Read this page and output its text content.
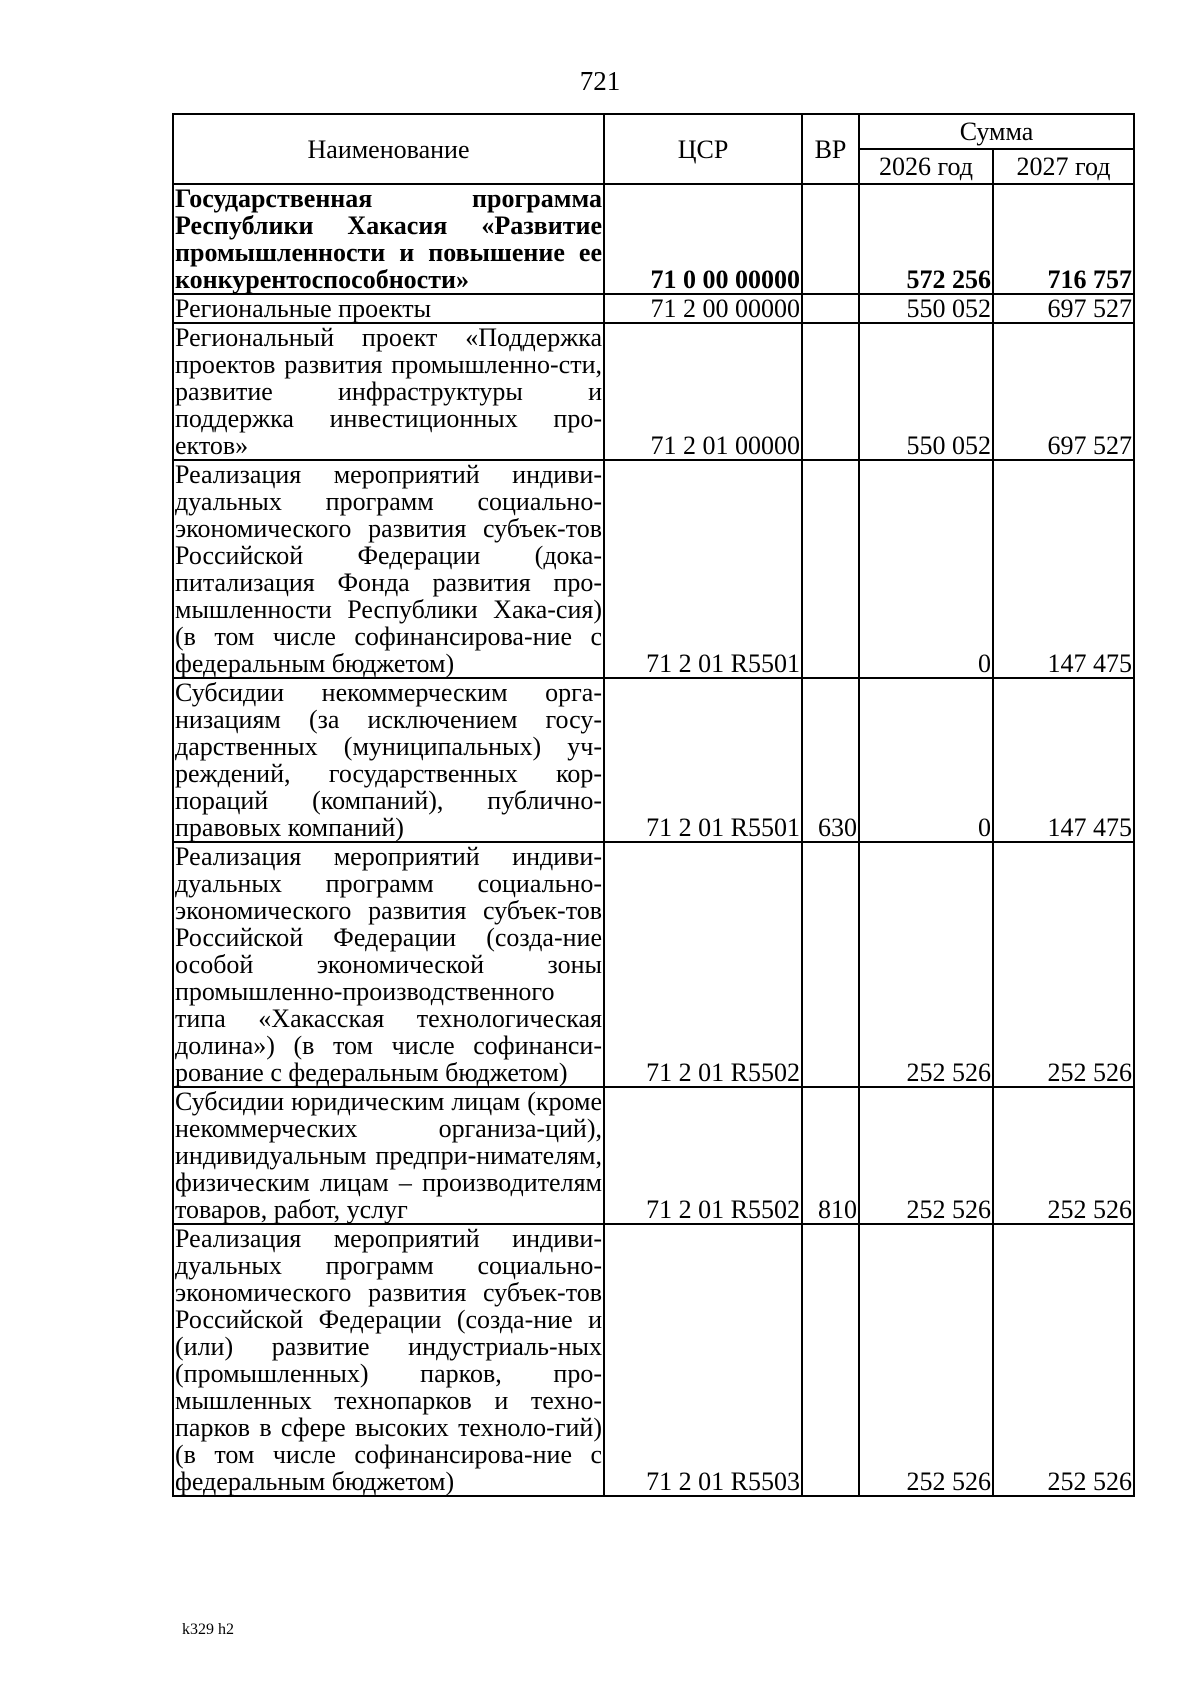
721
Наименование	ЦСР	ВР	Сумма	
			2026 год	2027 год
Государственная программа Республики Хакасия «Развитие промышленности и повышение ее конкурентоспособности»	71 0 00 00000		572 256	716 757
Региональные проекты	71 2 00 00000		550 052	697 527
Региональный проект «Поддержка проектов развития промышленно-сти, развитие инфраструктуры и поддержка инвестиционных про-ектов»	71 2 01 00000		550 052	697 527
Реализация мероприятий индиви-дуальных программ социально-экономического развития субъек-тов Российской Федерации (дока-питализация Фонда развития про-мышленности Республики Хака-сия) (в том числе софинансирова-ние с федеральным бюджетом)	71 2 01 R5501		0	147 475
Субсидии некоммерческим орга-низациям (за исключением госу-дарственных (муниципальных) уч-реждений, государственных кор-пораций (компаний), публично-правовых компаний)	71 2 01 R5501	630	0	147 475
Реализация мероприятий индиви-дуальных программ социально-экономического развития субъек-тов Российской Федерации (созда-ние особой экономической зоны промышленно-производственного типа «Хакасская технологическая долина») (в том числе софинанси-рование с федеральным бюджетом)	71 2 01 R5502		252 526	252 526
Субсидии юридическим лицам (кроме некоммерческих организа-ций), индивидуальным предпри-нимателям, физическим лицам – производителям товаров, работ, услуг	71 2 01 R5502	810	252 526	252 526
Реализация мероприятий индиви-дуальных программ социально-экономического развития субъек-тов Российской Федерации (созда-ние и (или) развитие индустриаль-ных (промышленных) парков, про-мышленных технопарков и техно-парков в сфере высоких техноло-гий) (в том числе софинансирова-ние с федеральным бюджетом)	71 2 01 R5503		252 526	252 526
k329 h2
